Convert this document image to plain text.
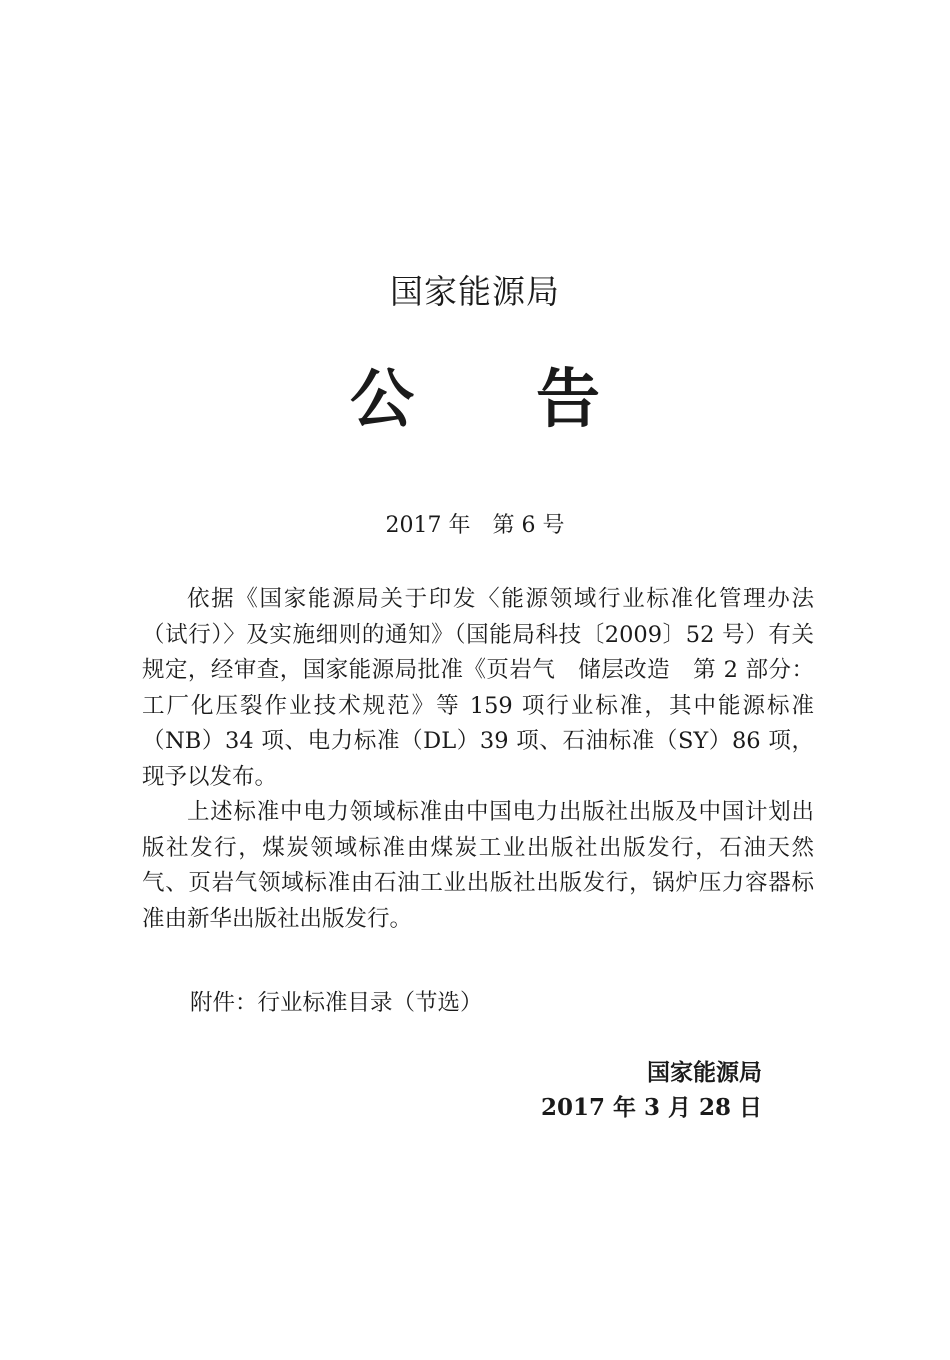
国家能源局
公 告
2017 年　第 6 号

依据《国家能源局关于印发〈能源领域行业标准化管理办法（试行）〉及实施细则的通知》（国能局科技〔2009〕52 号）有关规定，经审查，国家能源局批准《页岩气　储层改造　第 2 部分：工厂化压裂作业技术规范》等 159 项行业标准，其中能源标准（NB）34 项、电力标准（DL）39 项、石油标准（SY）86 项，现予以发布。

上述标准中电力领域标准由中国电力出版社出版及中国计划出版社发行，煤炭领域标准由煤炭工业出版社出版发行，石油天然气、页岩气领域标准由石油工业出版社出版发行，锅炉压力容器标准由新华出版社出版发行。

附件：行业标准目录（节选）
国家能源局
2017 年 3 月 28 日
